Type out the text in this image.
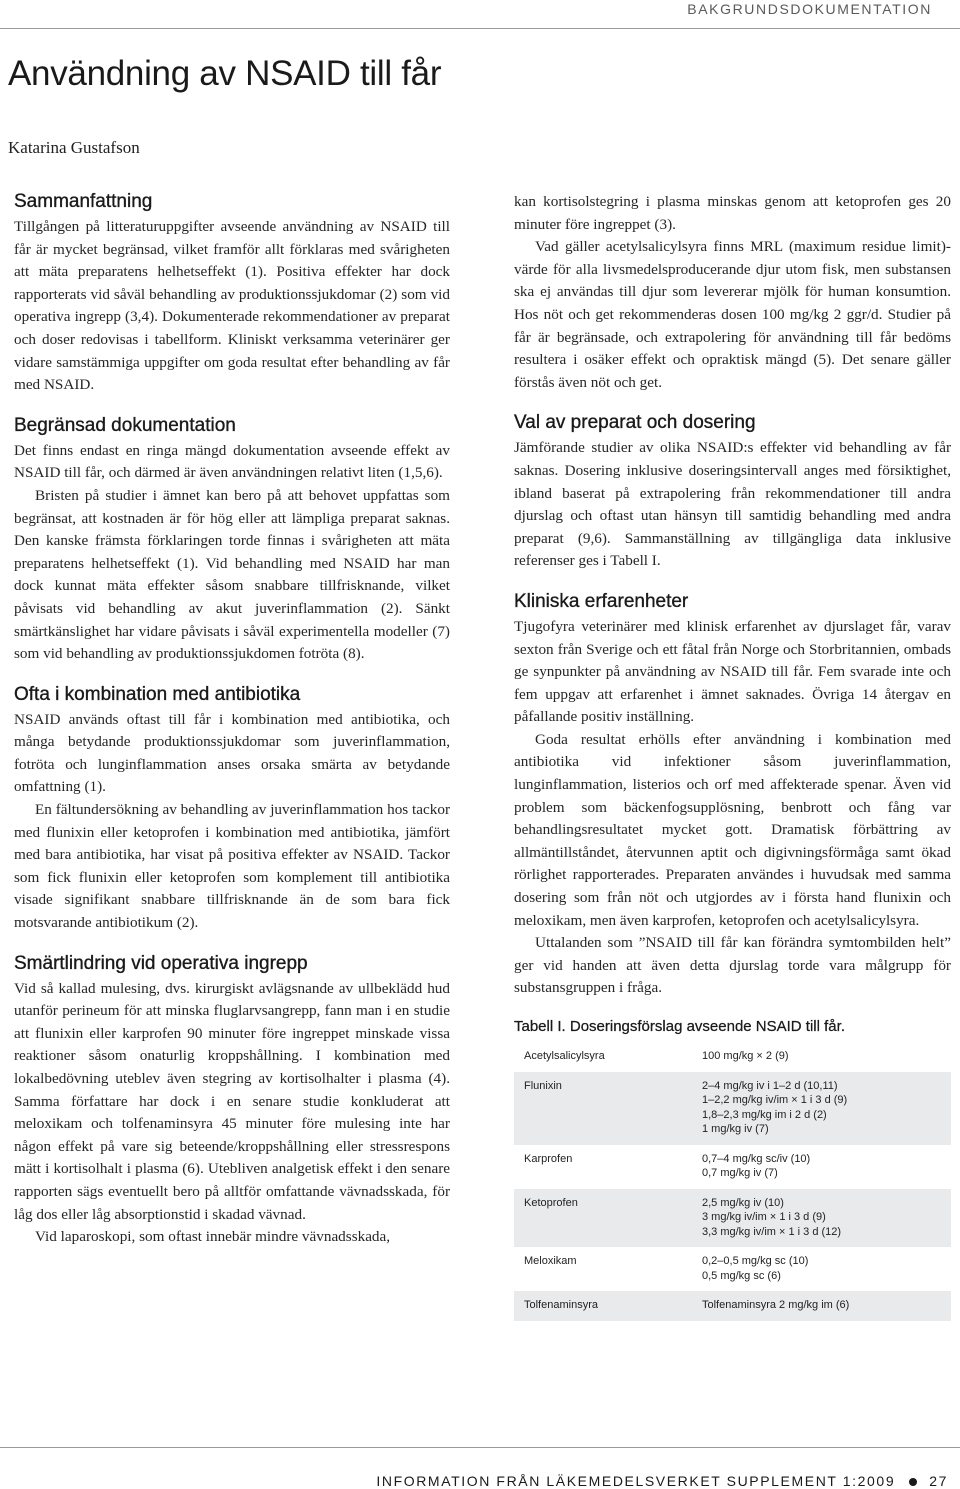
BAKGRUNDSDOKUMENTATION
Användning av NSAID till får
Katarina Gustafson
Sammanfattning

Tillgången på litteraturuppgifter avseende användning av NSAID till får är mycket begränsad, vilket framför allt förklaras med svårigheten att mäta preparatens helhetseffekt (1). Positiva effekter har dock rapporterats vid såväl behandling av produktionssjukdomar (2) som vid operativa ingrepp (3,4). Dokumenterade rekommendationer av preparat och doser redovisas i tabellform. Kliniskt verksamma veterinärer ger vidare samstämmiga uppgifter om goda resultat efter behandling av får med NSAID.

Begränsad dokumentation

Det finns endast en ringa mängd dokumentation avseende effekt av NSAID till får, och därmed är även användningen relativt liten (1,5,6).

Bristen på studier i ämnet kan bero på att behovet uppfattas som begränsat, att kostnaden är för hög eller att lämpliga preparat saknas. Den kanske främsta förklaringen torde finnas i svårigheten att mäta preparatens helhetseffekt (1). Vid behandling med NSAID har man dock kunnat mäta effekter såsom snabbare tillfrisknande, vilket påvisats vid behandling av akut juverinflammation (2). Sänkt smärtkänslighet har vidare påvisats i såväl experimentella modeller (7) som vid behandling av produktionssjukdomen fotröta (8).

Ofta i kombination med antibiotika

NSAID används oftast till får i kombination med antibiotika, och många betydande produktionssjukdomar som juverinflammation, fotröta och lunginflammation anses orsaka smärta av betydande omfattning (1).

En fältundersökning av behandling av juverinflammation hos tackor med flunixin eller ketoprofen i kombination med antibiotika, jämfört med bara antibiotika, har visat på positiva effekter av NSAID. Tackor som fick flunixin eller ketoprofen som komplement till antibiotika visade signifikant snabbare tillfrisknande än de som bara fick motsvarande antibiotikum (2).

Smärtlindring vid operativa ingrepp

Vid så kallad mulesing, dvs. kirurgiskt avlägsnande av ullbeklädd hud utanför perineum för att minska fluglarvsangrepp, fann man i en studie att flunixin eller karprofen 90 minuter före ingreppet minskade vissa reaktioner såsom onaturlig kroppshållning. I kombination med lokalbedövning uteblev även stegring av kortisolhalter i plasma (4). Samma författare har dock i en senare studie konkluderat att meloxikam och tolfenaminsyra 45 minuter före mulesing inte har någon effekt på vare sig beteende/kroppshållning eller stressrespons mätt i kortisolhalt i plasma (6). Utebliven analgetisk effekt i den senare rapporten sägs eventuellt bero på alltför omfattande vävnadsskada, för låg dos eller låg absorptionstid i skadad vävnad.

Vid laparoskopi, som oftast innebär mindre vävnadsskada,

kan kortisolstegring i plasma minskas genom att ketoprofen ges 20 minuter före ingreppet (3).

Vad gäller acetylsalicylsyra finns MRL (maximum residue limit)-värde för alla livsmedelsproducerande djur utom fisk, men substansen ska ej användas till djur som levererar mjölk för human konsumtion. Hos nöt och get rekommenderas dosen 100 mg/kg 2 ggr/d. Studier på får är begränsade, och extrapolering för användning till får bedöms resultera i osäker effekt och opraktisk mängd (5). Det senare gäller förstås även nöt och get.

Val av preparat och dosering

Jämförande studier av olika NSAID:s effekter vid behandling av får saknas. Dosering inklusive doseringsintervall anges med försiktighet, ibland baserat på extrapolering från rekommendationer till andra djurslag och oftast utan hänsyn till samtidig behandling med andra preparat (9,6). Sammanställning av tillgängliga data inklusive referenser ges i Tabell I.

Kliniska erfarenheter

Tjugofyra veterinärer med klinisk erfarenhet av djurslaget får, varav sexton från Sverige och ett fåtal från Norge och Storbritannien, ombads ge synpunkter på användning av NSAID till får. Fem svarade inte och fem uppgav att erfarenhet i ämnet saknades. Övriga 14 återgav en påfallande positiv inställning.

Goda resultat erhölls efter användning i kombination med antibiotika vid infektioner såsom juverinflammation, lunginflammation, listerios och orf med affekterade spenar. Även vid problem som bäckenfogsupplösning, benbrott och fång var behandlingsresultatet mycket gott. Dramatisk förbättring av allmäntillståndet, återvunnen aptit och digivningsförmåga samt ökad rörlighet rapporterades. Preparaten användes i huvudsak med samma dosering som från nöt och utgjordes av i första hand flunixin och meloxikam, men även karprofen, ketoprofen och acetylsalicylsyra.

Uttalanden som ”NSAID till får kan förändra symtombilden helt” ger vid handen att även detta djurslag torde vara målgrupp för substansgruppen i fråga.

Tabell I. Doseringsförslag avseende NSAID till får.
Acetylsalicylsyra	100 mg/kg × 2 (9)
Flunixin	2–4 mg/kg iv i 1–2 d (10,11)
1–2,2 mg/kg iv/im × 1 i 3 d (9)
1,8–2,3 mg/kg im i 2 d (2)
1 mg/kg iv (7)
Karprofen	0,7–4 mg/kg sc/iv (10)
0,7 mg/kg iv (7)
Ketoprofen	2,5 mg/kg iv (10)
3 mg/kg iv/im × 1 i 3 d (9)
3,3 mg/kg iv/im × 1 i 3 d (12)
Meloxikam	0,2–0,5 mg/kg sc (10)
0,5 mg/kg sc (6)
Tolfenaminsyra	Tolfenaminsyra 2 mg/kg im (6)
INFORMATION FRÅN LÄKEMEDELSVERKET SUPPLEMENT 1:2009 27
